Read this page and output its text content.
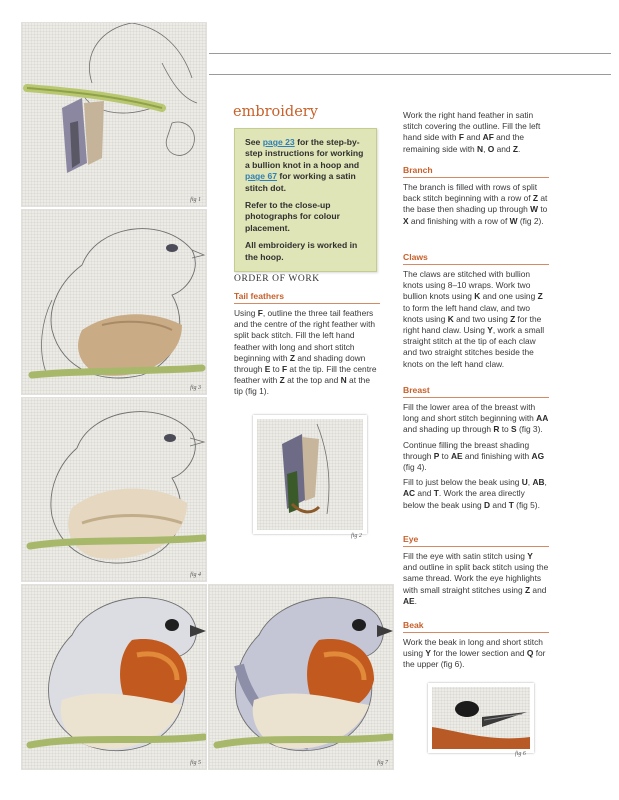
fig 1
fig 3
fig 4
fig 5	fig 7
fig 2
fig 6
embroidery

See page 23 for the step-by-step instructions for working a bullion knot in a hoop and page 67 for working a satin stitch dot.

Refer to the close-up photographs for colour placement.

All embroidery is worked in the hoop.

ORDER OF WORK
Tail feathers

Using F, outline the three tail feathers and the centre of the right feather with split back stitch. Fill the left hand feather with long and short stitch beginning with Z and shading down through E to F at the tip. Fill the centre feather with Z at the top and N at the tip (fig 1).

Work the right hand feather in satin stitch covering the outline. Fill the left hand side with F and AF and the remaining side with N, O and Z.

Branch

The branch is filled with rows of split back stitch beginning with a row of Z at the base then shading up through W to X and finishing with a row of W (fig 2).

Claws

The claws are stitched with bullion knots using 8–10 wraps. Work two bullion knots using K and one using Z to form the left hand claw, and two knots using K and two using Z for the right hand claw. Using Y, work a small straight stitch at the tip of each claw and two straight stitches beside the knots on the left hand claw.

Breast

Fill the lower area of the breast with long and short stitch beginning with AA and shading up through R to S (fig 3).

Continue filling the breast shading through P to AE and finishing with AG (fig 4).

Fill to just below the beak using U, AB, AC and T. Work the area directly below the beak using D and T (fig 5).

Eye

Fill the eye with satin stitch using Y and outline in split back stitch using the same thread. Work the eye highlights with small straight stitches using Z and AE.

Beak

Work the beak in long and short stitch using Y for the lower section and Q for the upper (fig 6).
